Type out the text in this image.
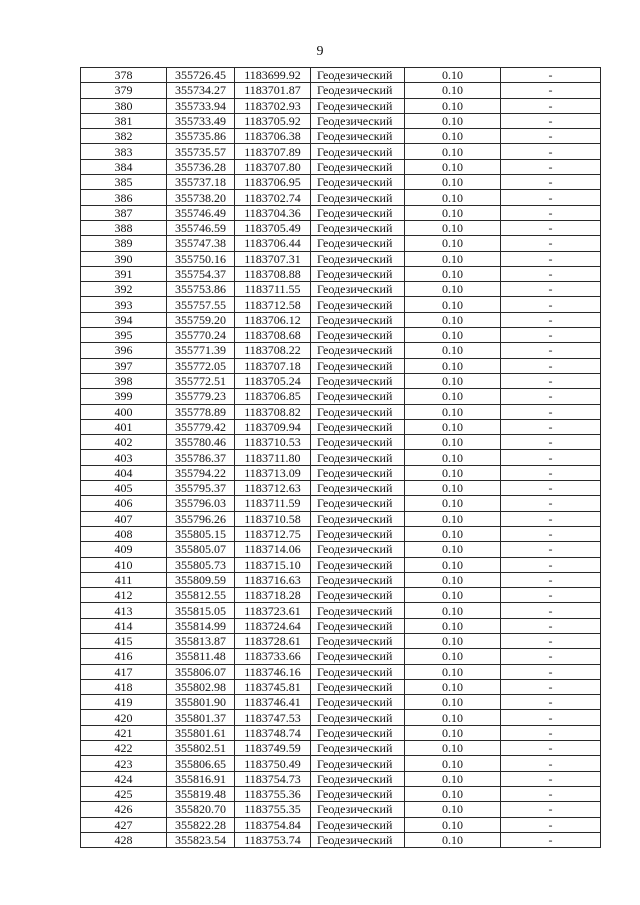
9
378	355726.45	1183699.92	Геодезический	0.10	-
379	355734.27	1183701.87	Геодезический	0.10	-
380	355733.94	1183702.93	Геодезический	0.10	-
381	355733.49	1183705.92	Геодезический	0.10	-
382	355735.86	1183706.38	Геодезический	0.10	-
383	355735.57	1183707.89	Геодезический	0.10	-
384	355736.28	1183707.80	Геодезический	0.10	-
385	355737.18	1183706.95	Геодезический	0.10	-
386	355738.20	1183702.74	Геодезический	0.10	-
387	355746.49	1183704.36	Геодезический	0.10	-
388	355746.59	1183705.49	Геодезический	0.10	-
389	355747.38	1183706.44	Геодезический	0.10	-
390	355750.16	1183707.31	Геодезический	0.10	-
391	355754.37	1183708.88	Геодезический	0.10	-
392	355753.86	1183711.55	Геодезический	0.10	-
393	355757.55	1183712.58	Геодезический	0.10	-
394	355759.20	1183706.12	Геодезический	0.10	-
395	355770.24	1183708.68	Геодезический	0.10	-
396	355771.39	1183708.22	Геодезический	0.10	-
397	355772.05	1183707.18	Геодезический	0.10	-
398	355772.51	1183705.24	Геодезический	0.10	-
399	355779.23	1183706.85	Геодезический	0.10	-
400	355778.89	1183708.82	Геодезический	0.10	-
401	355779.42	1183709.94	Геодезический	0.10	-
402	355780.46	1183710.53	Геодезический	0.10	-
403	355786.37	1183711.80	Геодезический	0.10	-
404	355794.22	1183713.09	Геодезический	0.10	-
405	355795.37	1183712.63	Геодезический	0.10	-
406	355796.03	1183711.59	Геодезический	0.10	-
407	355796.26	1183710.58	Геодезический	0.10	-
408	355805.15	1183712.75	Геодезический	0.10	-
409	355805.07	1183714.06	Геодезический	0.10	-
410	355805.73	1183715.10	Геодезический	0.10	-
411	355809.59	1183716.63	Геодезический	0.10	-
412	355812.55	1183718.28	Геодезический	0.10	-
413	355815.05	1183723.61	Геодезический	0.10	-
414	355814.99	1183724.64	Геодезический	0.10	-
415	355813.87	1183728.61	Геодезический	0.10	-
416	355811.48	1183733.66	Геодезический	0.10	-
417	355806.07	1183746.16	Геодезический	0.10	-
418	355802.98	1183745.81	Геодезический	0.10	-
419	355801.90	1183746.41	Геодезический	0.10	-
420	355801.37	1183747.53	Геодезический	0.10	-
421	355801.61	1183748.74	Геодезический	0.10	-
422	355802.51	1183749.59	Геодезический	0.10	-
423	355806.65	1183750.49	Геодезический	0.10	-
424	355816.91	1183754.73	Геодезический	0.10	-
425	355819.48	1183755.36	Геодезический	0.10	-
426	355820.70	1183755.35	Геодезический	0.10	-
427	355822.28	1183754.84	Геодезический	0.10	-
428	355823.54	1183753.74	Геодезический	0.10	-
